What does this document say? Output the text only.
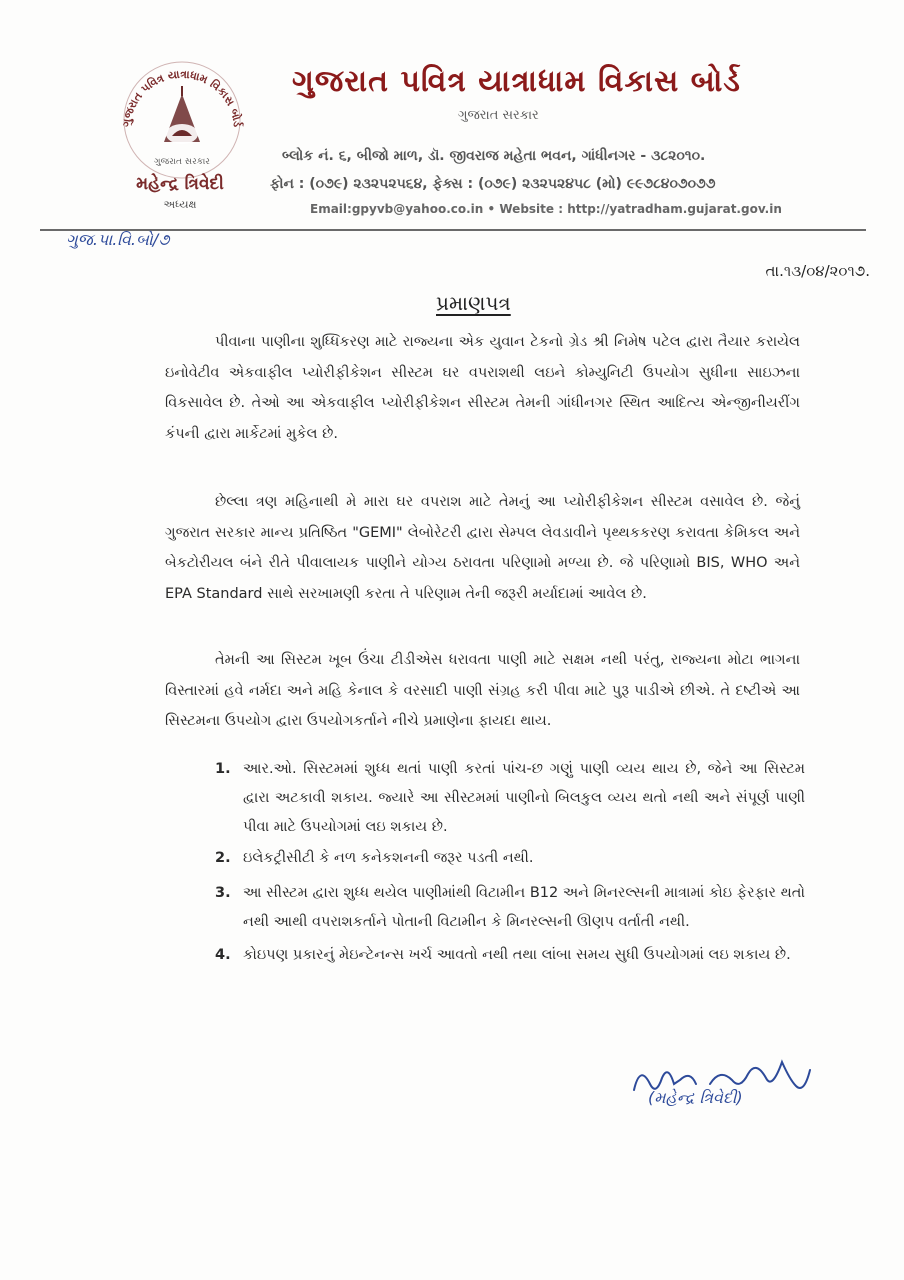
ગુજરાત પવિત્ર યાત્રાધામ વિકાસ બોર્ડ
ગુજરાત સરકાર
મહેન્દ્ર ત્રિવેદી
અધ્યક્ષ
ગુજરાત પવિત્ર યાત્રાધામ વિકાસ બોર્ડ
ગુજરાત સરકાર
બ્લોક નં. ૬, બીજો માળ, ડૉ. જીવરાજ મહેતા ભવન, ગાંધીનગર - ૩૮૨૦૧૦.
ફોન : (૦૭૯) ૨૩૨૫૨૫૬૪, ફેક્સ : (૦૭૯) ૨૩૨૫૨૪૫૮ (મો) ૯૯૭૮૪૦૭૦૭૭
Email:gpyvb@yahoo.co.in • Website : http://yatradham.gujarat.gov.in
ગુજ.પા.વિ.બો/૭
તા.૧૩/૦૪/૨૦૧૭.
પ્રમાણપત્ર

પીવાના પાણીના શુધ્ધિકરણ માટે રાજ્યના એક યુવાન ટેકનો ગ્રેડ શ્રી નિમેષ પટેલ દ્વારા તૈયાર કરાયેલ ઇનોવેટીવ એકવાફીલ પ્યોરીફીકેશન સીસ્ટમ ઘર વપરાશથી લઇને કોમ્યુનિટી ઉપયોગ સુધીના સાઇઝના વિકસાવેલ છે. તેઓ આ એકવાફીલ પ્યોરીફીકેશન સીસ્ટમ તેમની ગાંધીનગર સ્થિત આદિત્ય એન્જીનીયરીંગ કંપની દ્વારા માર્કેટમાં મુકેલ છે.

છેલ્લા ત્રણ મહિનાથી મે મારા ઘર વપરાશ માટે તેમનું આ પ્યોરીફીકેશન સીસ્ટમ વસાવેલ છે. જેનું ગુજરાત સરકાર માન્ય પ્રતિષ્ઠિત "GEMI" લેબોરેટરી દ્વારા સેમ્પલ લેવડાવીને પૃથ્થકકરણ કરાવતા કેમિકલ અને બેકટોરીયલ બંને રીતે પીવાલાયક પાણીને યોગ્ય ઠરાવતા પરિણામો મળ્યા છે. જે પરિણામો BIS, WHO અને EPA Standard સાથે સરખામણી કરતા તે પરિણામ તેની જરૂરી મર્યાદામાં આવેલ છે.

તેમની આ સિસ્ટમ ખૂબ ઉંચા ટીડીએસ ધરાવતા પાણી માટે સક્ષમ નથી પરંતુ, રાજ્યના મોટા ભાગના વિસ્તારમાં હવે નર્મદા અને મહિ કેનાલ કે વરસાદી પાણી સંગ્રહ કરી પીવા માટે પુરૂ પાડીએ છીએ. તે દષ્ટીએ આ સિસ્ટમના ઉપયોગ દ્વારા ઉપયોગકર્તાને નીચે પ્રમાણેના ફાયદા થાય.

1. આર.ઓ. સિસ્ટમમાં શુધ્ધ થતાં પાણી કરતાં પાંચ-છ ગણું પાણી વ્યય થાય છે, જેને આ સિસ્ટમ દ્વારા અટકાવી શકાય. જ્યારે આ સીસ્ટમમાં પાણીનો બિલકુલ વ્યય થતો નથી અને સંપૂર્ણ પાણી પીવા માટે ઉપયોગમાં લઇ શકાય છે.
2. ઇલેકટ્રીસીટી કે નળ કનેકશનની જરૂર પડતી નથી.
3. આ સીસ્ટમ દ્વારા શુધ્ધ થયેલ પાણીમાંથી વિટામીન B12 અને મિનરલ્સની માત્રામાં કોઇ ફેરફાર થતો નથી આથી વપરાશકર્તાને પોતાની વિટામીન કે મિનરલ્સની ઊણપ વર્તાતી નથી.
4. કોઇપણ પ્રકારનું મેઇન્ટેનન્સ ખર્ચ આવતો નથી તથા લાંબા સમય સુધી ઉપયોગમાં લઇ શકાય છે.
(મહેન્દ્ર ત્રિવેદી)
